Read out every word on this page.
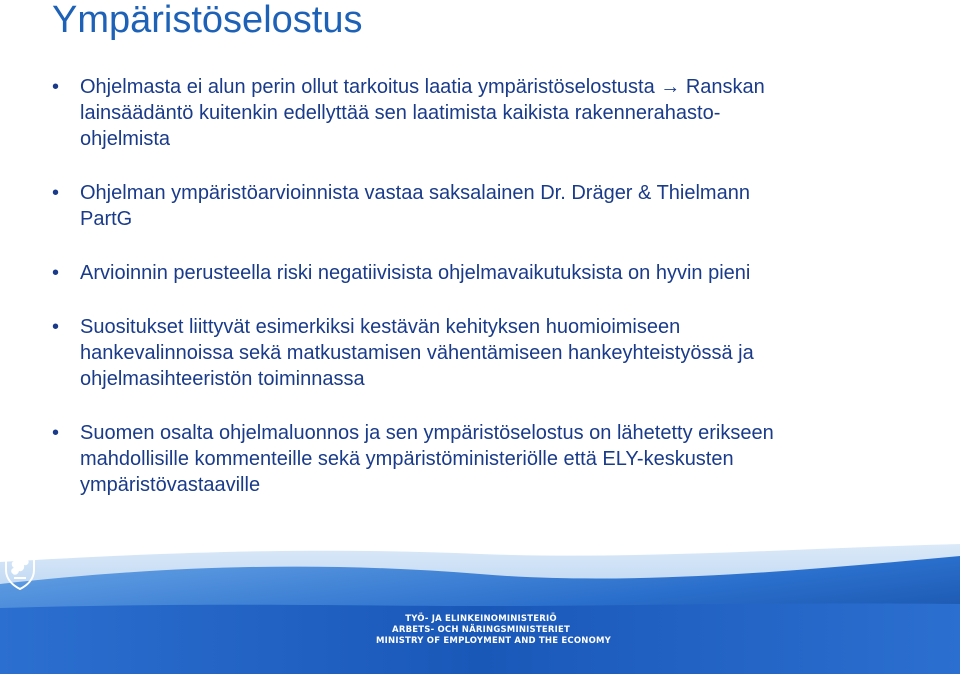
Ympäristöselostus
•	Ohjelmasta ei alun perin ollut tarkoitus laatia ympäristöselostusta → Ranskan
lainsäädäntö kuitenkin edellyttää sen laatimista kaikista rakennerahasto-
ohjelmista
•	Ohjelman ympäristöarvioinnista vastaa saksalainen Dr. Dräger & Thielmann
PartG
•	Arvioinnin perusteella riski negatiivisista ohjelmavaikutuksista on hyvin pieni
•	Suositukset liittyvät esimerkiksi kestävän kehityksen huomioimiseen
hankevalinnoissa sekä matkustamisen vähentämiseen hankeyhteistyössä ja
ohjelmasihteeristön toiminnassa
•	Suomen osalta ohjelmaluonnos ja sen ympäristöselostus on lähetetty erikseen
mahdollisille kommenteille sekä ympäristöministeriölle että ELY-keskusten
ympäristövastaaville
TYÖ- JA ELINKEINOMINISTERIÖ
ARBETS- OCH NÄRINGSMINISTERIET
MINISTRY OF EMPLOYMENT AND THE ECONOMY
